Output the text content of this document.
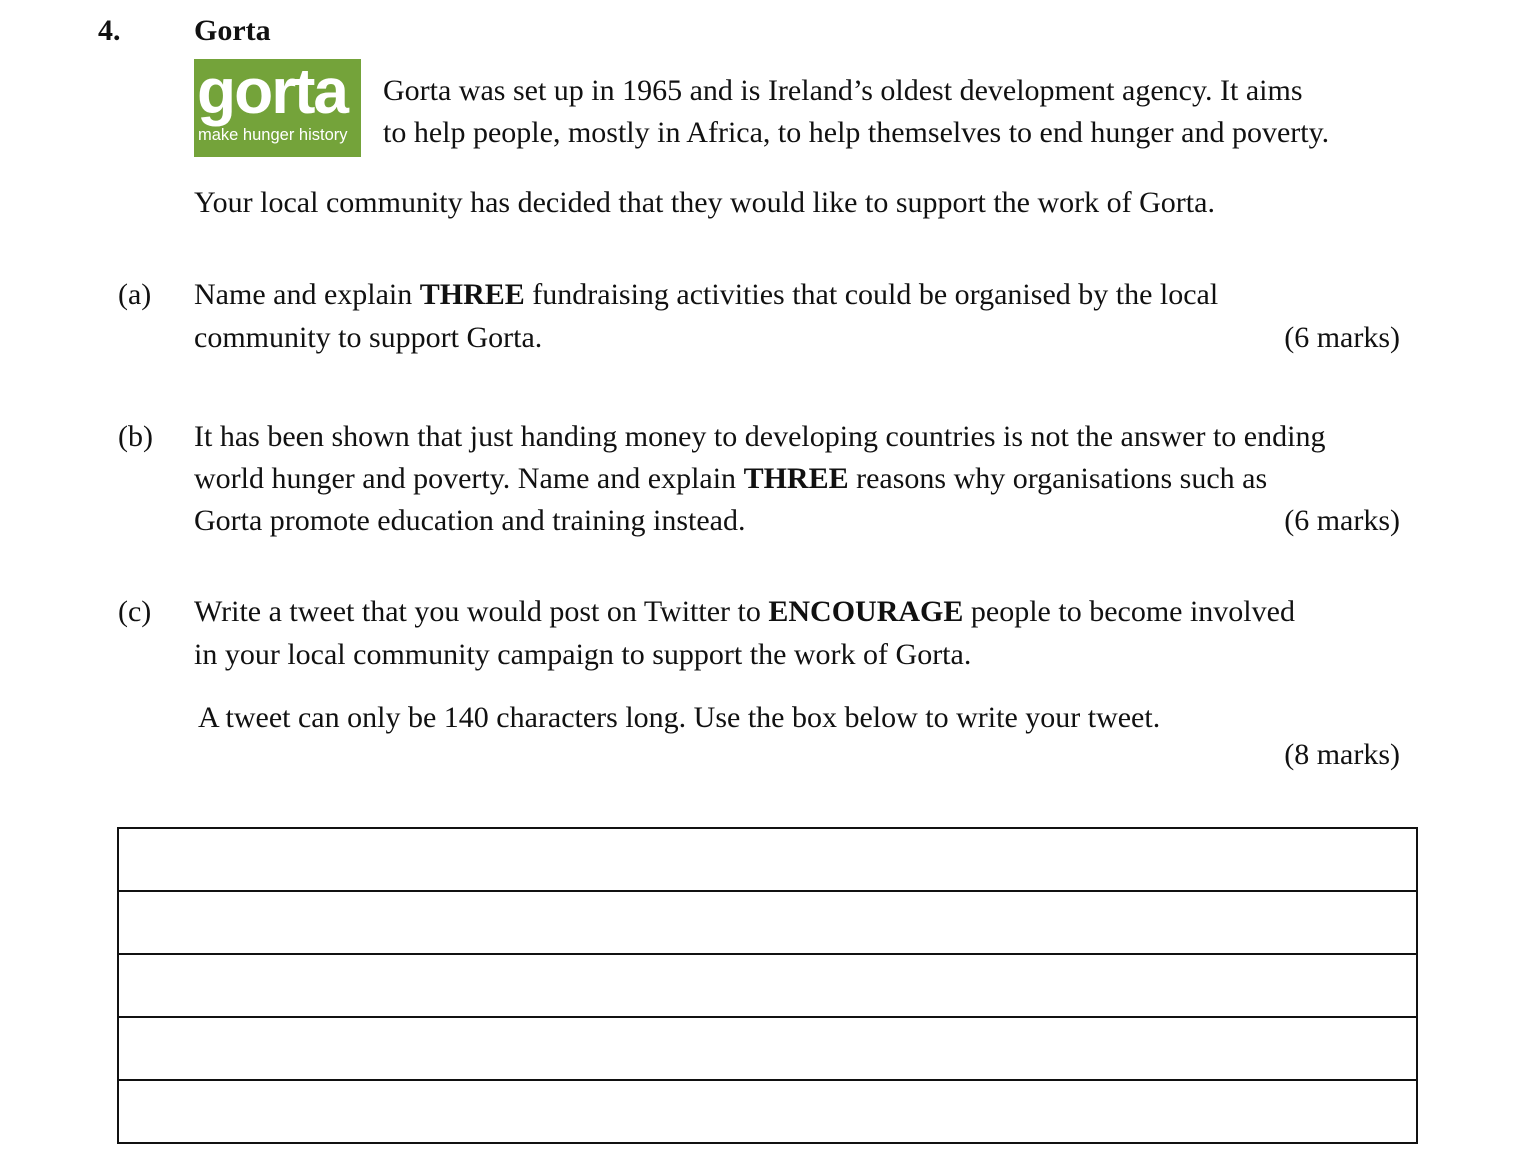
4. Gorta
gorta
make hunger history
Gorta was set up in 1965 and is Ireland’s oldest development agency. It aims
to help people, mostly in Africa, to help themselves to end hunger and poverty.
Your local community has decided that they would like to support the work of Gorta.
(a) Name and explain THREE fundraising activities that could be organised by the local
community to support Gorta.	(6 marks)
(b) It has been shown that just handing money to developing countries is not the answer to ending
world hunger and poverty. Name and explain THREE reasons why organisations such as
Gorta promote education and training instead.	(6 marks)
(c) Write a tweet that you would post on Twitter to ENCOURAGE people to become involved
in your local community campaign to support the work of Gorta.
A tweet can only be 140 characters long. Use the box below to write your tweet.
(8 marks)
